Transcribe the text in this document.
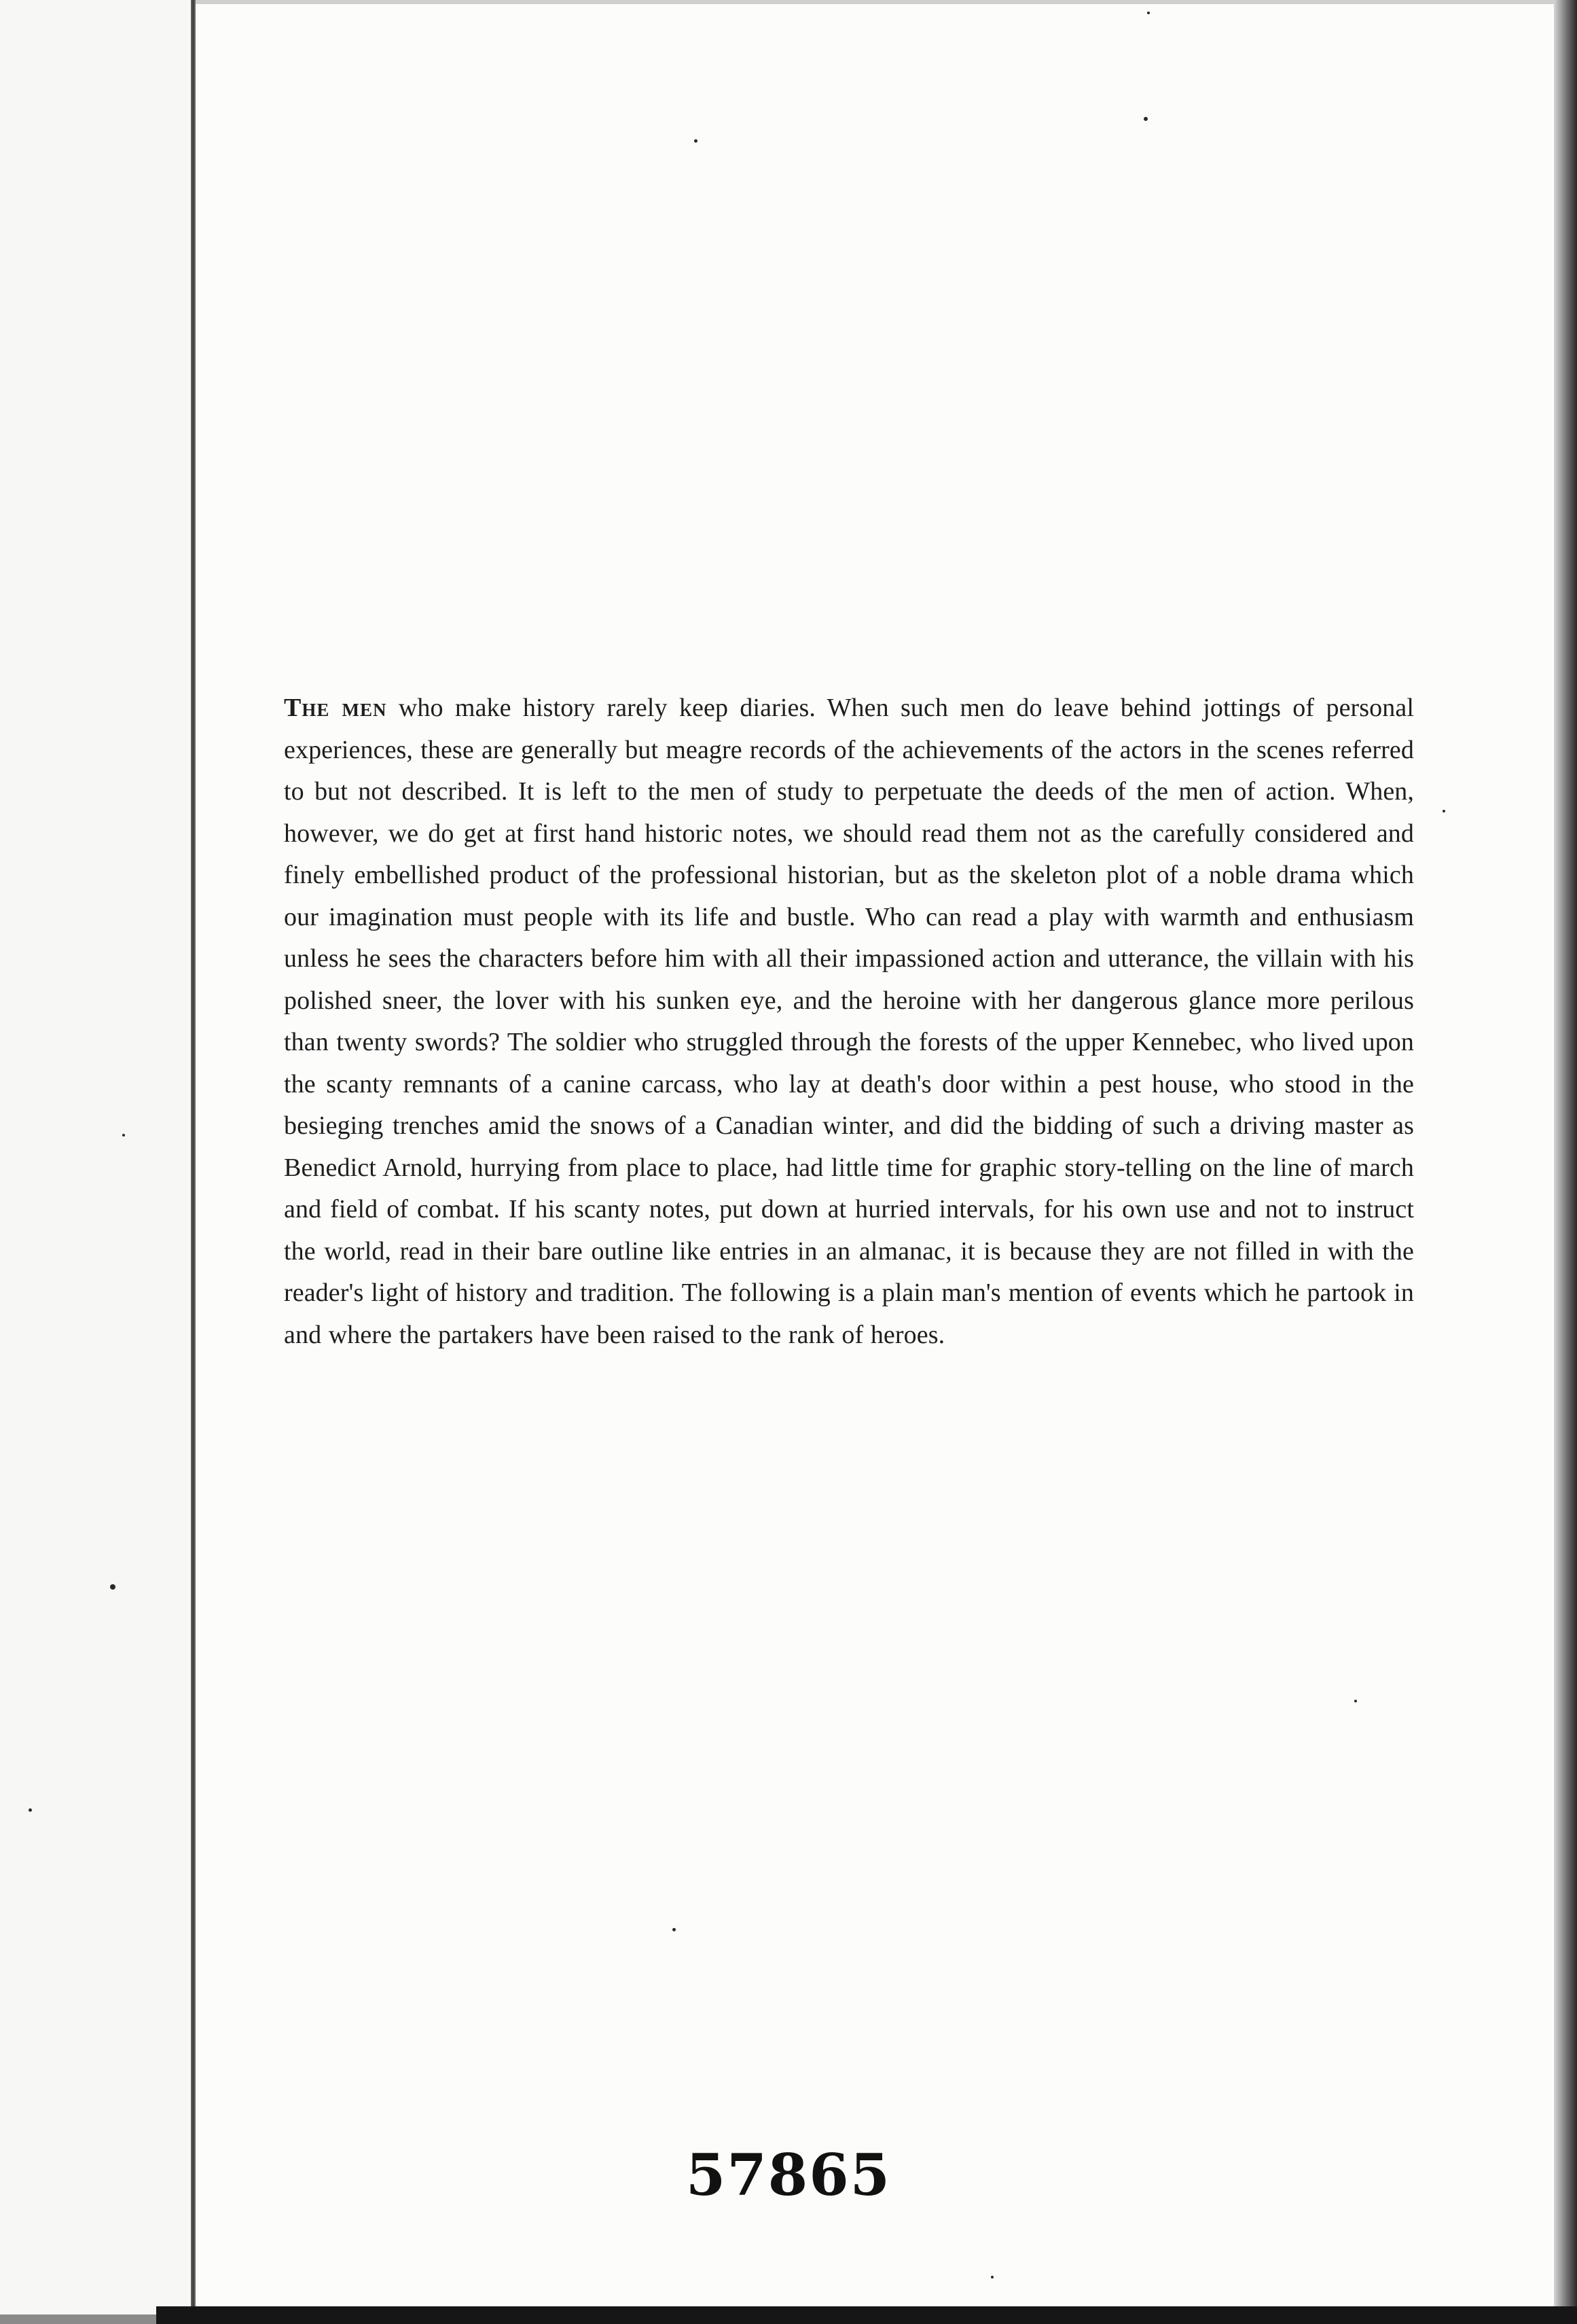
The men who make history rarely keep diaries. When such men do leave behind jottings of personal experiences, these are generally but meagre records of the achievements of the actors in the scenes referred to but not described. It is left to the men of study to perpetuate the deeds of the men of action. When, however, we do get at first hand historic notes, we should read them not as the carefully considered and finely embellished product of the professional historian, but as the skeleton plot of a noble drama which our imagination must people with its life and bustle. Who can read a play with warmth and enthusiasm unless he sees the characters before him with all their impassioned action and utterance, the villain with his polished sneer, the lover with his sunken eye, and the heroine with her dangerous glance more perilous than twenty swords? The soldier who struggled through the forests of the upper Kennebec, who lived upon the scanty remnants of a canine carcass, who lay at death's door within a pest house, who stood in the besieging trenches amid the snows of a Canadian winter, and did the bidding of such a driving master as Benedict Arnold, hurrying from place to place, had little time for graphic story-telling on the line of march and field of combat. If his scanty notes, put down at hurried intervals, for his own use and not to instruct the world, read in their bare outline like entries in an almanac, it is because they are not filled in with the reader's light of history and tradition. The following is a plain man's mention of events which he partook in and where the partakers have been raised to the rank of heroes.
57865
